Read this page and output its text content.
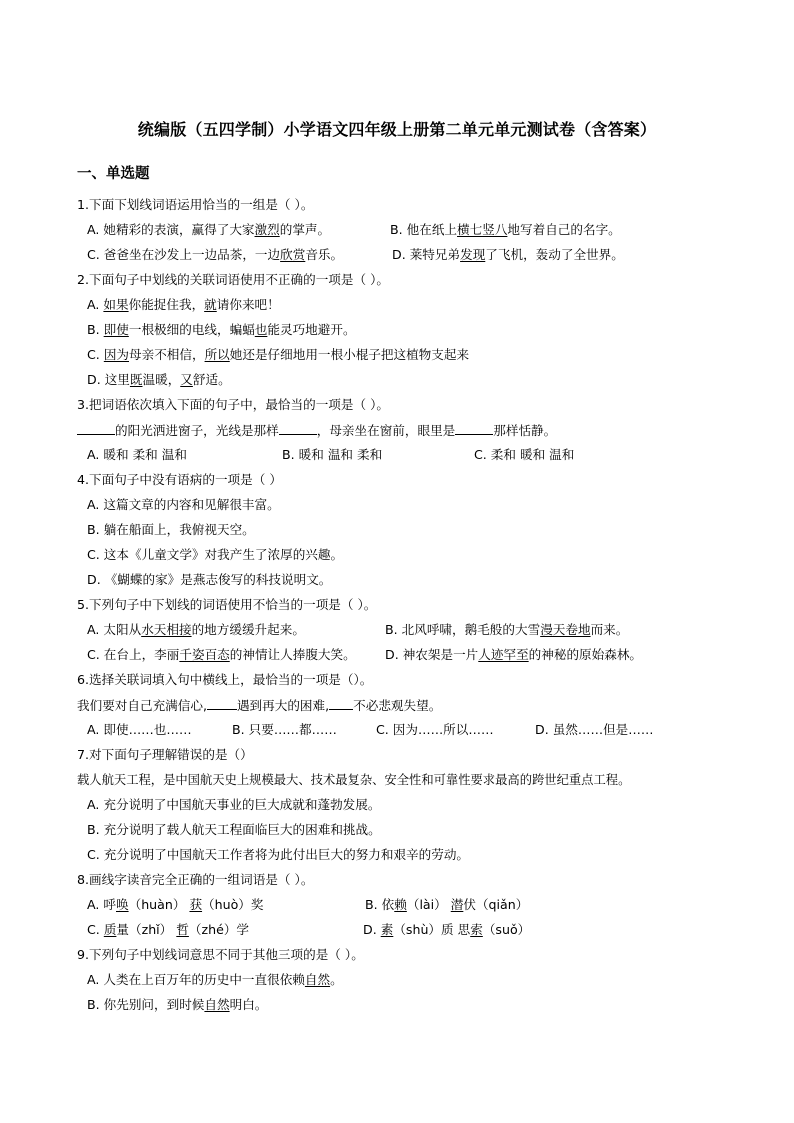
统编版（五四学制）小学语文四年级上册第二单元单元测试卷（含答案）
一、单选题
1.下面下划线词语运用恰当的一组是（ ）。
A. 她精彩的表演，赢得了大家激烈的掌声。	B. 他在纸上横七竖八地写着自己的名字。
C. 爸爸坐在沙发上一边品茶，一边欣赏音乐。	D. 莱特兄弟发现了飞机，轰动了全世界。
2.下面句子中划线的关联词语使用不正确的一项是（ ）。
A. 如果你能捉住我，就请你来吧！
B. 即使一根极细的电线，蝙蝠也能灵巧地避开。
C. 因为母亲不相信，所以她还是仔细地用一根小棍子把这植物支起来
D. 这里既温暖，又舒适。
3.把词语依次填入下面的句子中，最恰当的一项是（ ）。
的阳光洒进窗子，光线是那样	，母亲坐在窗前，眼里是	那样恬静。
A. 暖和 柔和 温和	B. 暖和 温和 柔和	C. 柔和 暖和 温和
4.下面句子中没有语病的一项是（ ）
A. 这篇文章的内容和见解很丰富。
B. 躺在船面上，我俯视天空。
C. 这本《儿童文学》对我产生了浓厚的兴趣。
D. 《蝴蝶的家》是燕志俊写的科技说明文。
5.下列句子中下划线的词语使用不恰当的一项是（ ）。
A. 太阳从水天相接的地方缓缓升起来。	B. 北风呼啸，鹅毛般的大雪漫天卷地而来。
C. 在台上，李丽千姿百态的神情让人捧腹大笑。 D. 神农架是一片人迹罕至的神秘的原始森林。
6.选择关联词填入句中横线上，最恰当的一项是（）。
我们要对自己充满信心, 遇到再大的困难, 不必悲观失望。
A. 即使……也……	B. 只要……都……	C. 因为……所以……	D. 虽然……但是……
7.对下面句子理解错误的是（）
载人航天工程，是中国航天史上规模最大、技术最复杂、安全性和可靠性要求最高的跨世纪重点工程。
A. 充分说明了中国航天事业的巨大成就和蓬勃发展。
B. 充分说明了载人航天工程面临巨大的困难和挑战。
C. 充分说明了中国航天工作者将为此付出巨大的努力和艰辛的劳动。
8.画线字读音完全正确的一组词语是（ ）。
A. 呼唤（huàn） 获（huò）奖	B. 依赖（lài） 潜伏（qiǎn）
C. 质量（zhǐ） 哲（zhé）学	D. 素（shù）质 思索（suǒ）
9.下列句子中划线词意思不同于其他三项的是（ ）。
A. 人类在上百万年的历史中一直很依赖自然。
B. 你先别问，到时候自然明白。
